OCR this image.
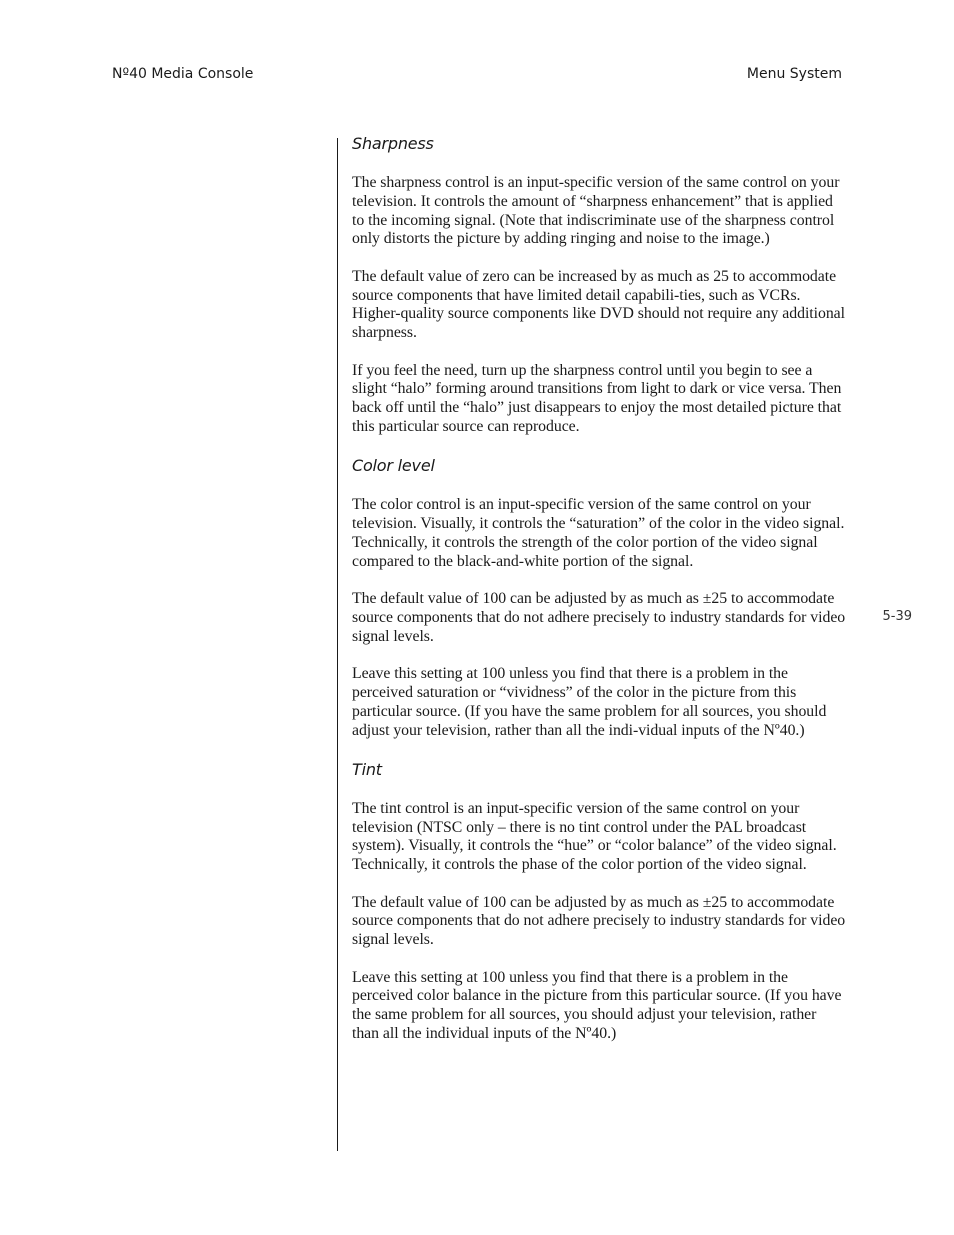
Nº40 Media Console	Menu System
Sharpness

The sharpness control is an input-specific version of the same control on your television. It controls the amount of “sharpness enhancement” that is applied to the incoming signal. (Note that indiscriminate use of the sharpness control only distorts the picture by adding ringing and noise to the image.)

The default value of zero can be increased by as much as 25 to accommodate source components that have limited detail capabili-ties, such as VCRs. Higher-quality source components like DVD should not require any additional sharpness.

If you feel the need, turn up the sharpness control until you begin to see a slight “halo” forming around transitions from light to dark or vice versa. Then back off until the “halo” just disappears to enjoy the most detailed picture that this particular source can reproduce.

Color level

The color control is an input-specific version of the same control on your television. Visually, it controls the “saturation” of the color in the video signal. Technically, it controls the strength of the color portion of the video signal compared to the black-and-white portion of the signal.

The default value of 100 can be adjusted by as much as ±25 to accommodate source components that do not adhere precisely to industry standards for video signal levels.

Leave this setting at 100 unless you find that there is a problem in the perceived saturation or “vividness” of the color in the picture from this particular source. (If you have the same problem for all sources, you should adjust your television, rather than all the indi-vidual inputs of the Nº40.)

Tint

The tint control is an input-specific version of the same control on your television (NTSC only – there is no tint control under the PAL broadcast system). Visually, it controls the “hue” or “color balance” of the video signal. Technically, it controls the phase of the color portion of the video signal.

The default value of 100 can be adjusted by as much as ±25 to accommodate source components that do not adhere precisely to industry standards for video signal levels.

Leave this setting at 100 unless you find that there is a problem in the perceived color balance in the picture from this particular source. (If you have the same problem for all sources, you should adjust your television, rather than all the individual inputs of the Nº40.)

5-39
